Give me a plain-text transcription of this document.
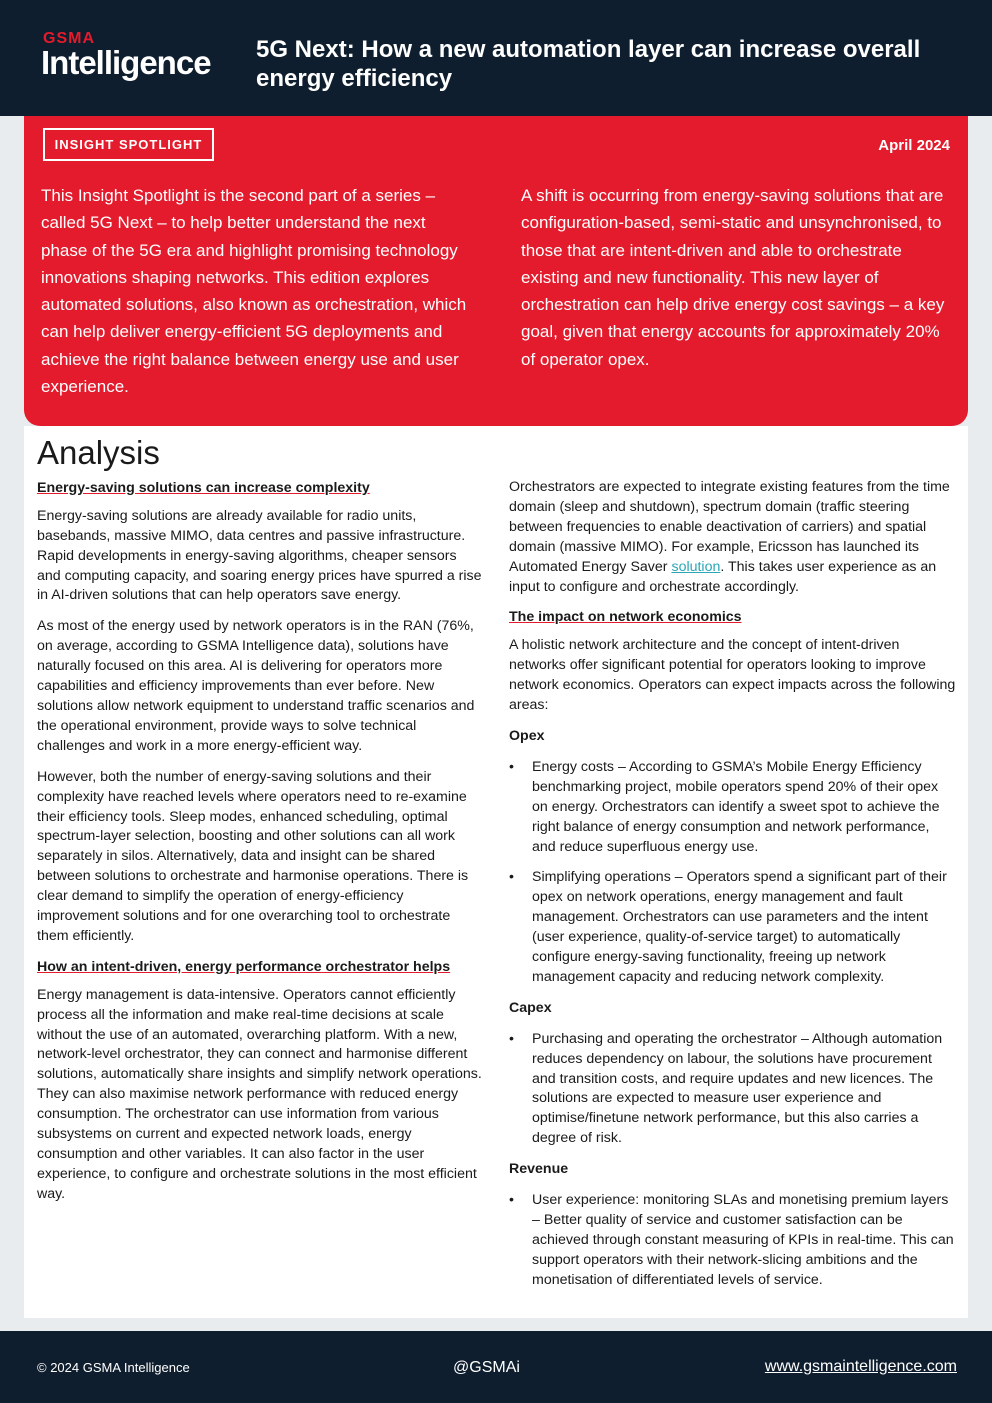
GSMA
Intelligence 5G Next: How a new automation layer can increase overall energy efficiency
INSIGHT SPOTLIGHT	April 2024
This Insight Spotlight is the second part of a series – called 5G Next – to help better understand the next phase of the 5G era and highlight promising technology innovations shaping networks. This edition explores automated solutions, also known as orchestration, which can help deliver energy-efficient 5G deployments and achieve the right balance between energy use and user experience.
A shift is occurring from energy-saving solutions that are configuration-based, semi-static and unsynchronised, to those that are intent-driven and able to orchestrate existing and new functionality. This new layer of orchestration can help drive energy cost savings – a key goal, given that energy accounts for approximately 20% of operator opex.
Analysis
Energy-saving solutions can increase complexity

Energy-saving solutions are already available for radio units, basebands, massive MIMO, data centres and passive infrastructure. Rapid developments in energy-saving algorithms, cheaper sensors and computing capacity, and soaring energy prices have spurred a rise in AI-driven solutions that can help operators save energy.

As most of the energy used by network operators is in the RAN (76%, on average, according to GSMA Intelligence data), solutions have naturally focused on this area. AI is delivering for operators more capabilities and efficiency improvements than ever before. New solutions allow network equipment to understand traffic scenarios and the operational environment, provide ways to solve technical challenges and work in a more energy-efficient way.

However, both the number of energy-saving solutions and their complexity have reached levels where operators need to re-examine their efficiency tools. Sleep modes, enhanced scheduling, optimal spectrum-layer selection, boosting and other solutions can all work separately in silos. Alternatively, data and insight can be shared between solutions to orchestrate and harmonise operations. There is clear demand to simplify the operation of energy-efficiency improvement solutions and for one overarching tool to orchestrate them efficiently.

How an intent-driven, energy performance orchestrator helps

Energy management is data-intensive. Operators cannot efficiently process all the information and make real-time decisions at scale without the use of an automated, overarching platform. With a new, network-level orchestrator, they can connect and harmonise different solutions, automatically share insights and simplify network operations. They can also maximise network performance with reduced energy consumption. The orchestrator can use information from various subsystems on current and expected network loads, energy consumption and other variables. It can also factor in the user experience, to configure and orchestrate solutions in the most efficient way.

Orchestrators are expected to integrate existing features from the time domain (sleep and shutdown), spectrum domain (traffic steering between frequencies to enable deactivation of carriers) and spatial domain (massive MIMO). For example, Ericsson has launched its Automated Energy Saver solution. This takes user experience as an input to configure and orchestrate accordingly.

The impact on network economics

A holistic network architecture and the concept of intent-driven networks offer significant potential for operators looking to improve network economics. Operators can expect impacts across the following areas:

Opex
• Energy costs – According to GSMA’s Mobile Energy Efficiency benchmarking project, mobile operators spend 20% of their opex on energy. Orchestrators can identify a sweet spot to achieve the right balance of energy consumption and network performance, and reduce superfluous energy use.
• Simplifying operations – Operators spend a significant part of their opex on network operations, energy management and fault management. Orchestrators can use parameters and the intent (user experience, quality-of-service target) to automatically configure energy-saving functionality, freeing up network management capacity and reducing network complexity.
Capex
• Purchasing and operating the orchestrator – Although automation reduces dependency on labour, the solutions have procurement and transition costs, and require updates and new licences. The solutions are expected to measure user experience and optimise/finetune network performance, but this also carries a degree of risk.
Revenue
• User experience: monitoring SLAs and monetising premium layers – Better quality of service and customer satisfaction can be achieved through constant measuring of KPIs in real-time. This can support operators with their network-slicing ambitions and the monetisation of differentiated levels of service.
© 2024 GSMA Intelligence	@GSMAi	www.gsmaintelligence.com
